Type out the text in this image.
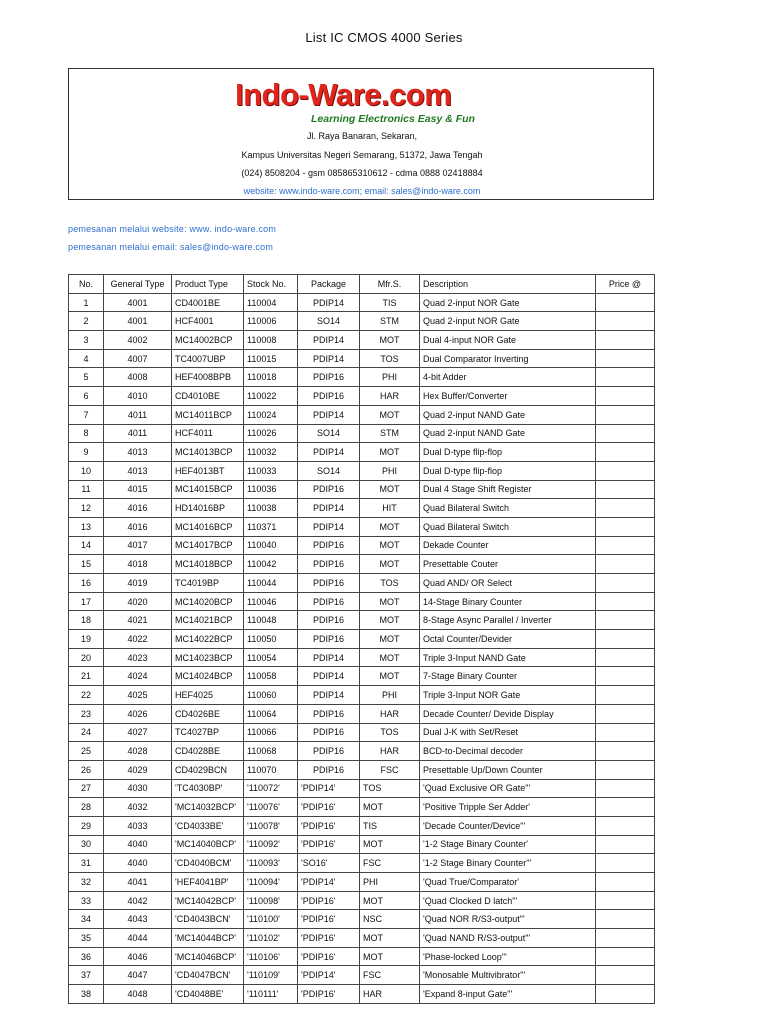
List IC CMOS 4000 Series
Indo-Ware.com
Learning Electronics Easy & Fun
Jl. Raya Banaran, Sekaran,
Kampus Universitas Negeri Semarang, 51372, Jawa Tengah
(024) 8508204 - gsm 085865310612 - cdma 0888 02418884
website: www.indo-ware.com; email: sales@indo-ware.com
pemesanan melalui website: www. indo-ware.com
pemesanan melalui email: sales@indo-ware.com
No.	General Type	Product Type	Stock No.	Package	Mfr.S.	Description	Price @
1	4001	CD4001BE	110004	PDIP14	TIS	Quad 2-input NOR Gate	
2	4001	HCF4001	110006	SO14	STM	Quad 2-input NOR Gate	
3	4002	MC14002BCP	110008	PDIP14	MOT	Dual 4-input NOR Gate	
4	4007	TC4007UBP	110015	PDIP14	TOS	Dual Comparator Inverting	
5	4008	HEF4008BPB	110018	PDIP16	PHI	4-bit Adder	
6	4010	CD4010BE	110022	PDIP16	HAR	Hex Buffer/Converter	
7	4011	MC14011BCP	110024	PDIP14	MOT	Quad 2-input NAND Gate	
8	4011	HCF4011	110026	SO14	STM	Quad 2-input NAND Gate	
9	4013	MC14013BCP	110032	PDIP14	MOT	Dual D-type flip-flop	
10	4013	HEF4013BT	110033	SO14	PHI	Dual D-type flip-flop	
11	4015	MC14015BCP	110036	PDIP16	MOT	Dual 4 Stage Shift Register	
12	4016	HD14016BP	110038	PDIP14	HIT	Quad Bilateral Switch	
13	4016	MC14016BCP	110371	PDIP14	MOT	Quad Bilateral Switch	
14	4017	MC14017BCP	110040	PDIP16	MOT	Dekade Counter	
15	4018	MC14018BCP	110042	PDIP16	MOT	Presettable Couter	
16	4019	TC4019BP	110044	PDIP16	TOS	Quad AND/ OR Select	
17	4020	MC14020BCP	110046	PDIP16	MOT	14-Stage Binary Counter	
18	4021	MC14021BCP	110048	PDIP16	MOT	8-Stage Async Parallel / Inverter	
19	4022	MC14022BCP	110050	PDIP16	MOT	Octal Counter/Devider	
20	4023	MC14023BCP	110054	PDIP14	MOT	Triple 3-Input NAND Gate	
21	4024	MC14024BCP	110058	PDIP14	MOT	7-Stage Binary Counter	
22	4025	HEF4025	110060	PDIP14	PHI	Triple 3-Input NOR Gate	
23	4026	CD4026BE	110064	PDIP16	HAR	Decade Counter/ Devide Display	
24	4027	TC4027BP	110066	PDIP16	TOS	Dual J-K with Set/Reset	
25	4028	CD4028BE	110068	PDIP16	HAR	BCD-to-Decimal decoder	
26	4029	CD4029BCN	110070	PDIP16	FSC	Presettable Up/Down Counter	
27	4030	'TC4030BP'	'110072'	'PDIP14'	TOS	'Quad Exclusive OR Gate"'	
28	4032	'MC14032BCP'	'110076'	'PDIP16'	MOT	'Positive Tripple Ser Adder'	
29	4033	'CD4033BE'	'110078'	'PDIP16'	TIS	'Decade Counter/Device"'	
30	4040	'MC14040BCP'	'110092'	'PDIP16'	MOT	'1-2 Stage Binary Counter'	
31	4040	'CD4040BCM'	'110093'	'SO16'	FSC	'1-2 Stage Binary Counter"'	
32	4041	'HEF4041BP'	'110094'	'PDIP14'	PHI	'Quad True/Comparator'	
33	4042	'MC14042BCP'	'110098'	'PDIP16'	MOT	'Quad Clocked D latch"'	
34	4043	'CD4043BCN'	'110100'	'PDIP16'	NSC	'Quad NOR R/S3-output"'	
35	4044	'MC14044BCP'	'110102'	'PDIP16'	MOT	'Quad NAND R/S3-output"'	
36	4046	'MC14046BCP'	'110106'	'PDIP16'	MOT	'Phase-locked Loop"'	
37	4047	'CD4047BCN'	'110109'	'PDIP14'	FSC	'Monosable Multivibrator"'	
38	4048	'CD4048BE'	'110111'	'PDIP16'	HAR	'Expand 8-input Gate"'	
